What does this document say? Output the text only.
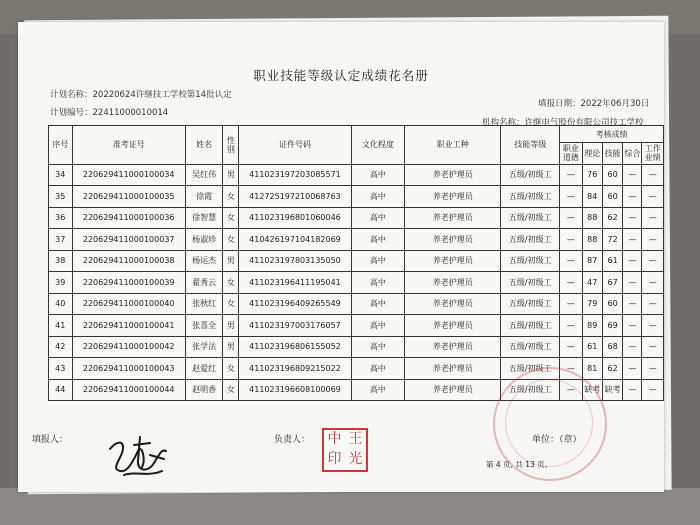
职业技能等级认定成绩花名册
计划名称：20220624许继技工学校第14批认定
填报日期：2022年06月30日
计划编号：22411000010014
机构名称：许继电气股份有限公司技工学校
序号	准考证号	姓名	性别	证件号码	文化程度	职业工种	技能等级	考核成绩				
								职业道德	理论	技能	综合	工作业绩
34	220629411000100034	吴红伟	男	411023197203085571	高中	养老护理员	五级/初级工	—	76	60	—	—
35	220629411000100035	徐霞	女	412725197210068763	高中	养老护理员	五级/初级工	—	84	60	—	—
36	220629411000100036	徐智慧	女	411023196801060046	高中	养老护理员	五级/初级工	—	88	62	—	—
37	220629411000100037	杨淑珍	女	410426197104182069	高中	养老护理员	五级/初级工	—	88	72	—	—
38	220629411000100038	杨运杰	男	411023197803135050	高中	养老护理员	五级/初级工	—	87	61	—	—
39	220629411000100039	翟秀云	女	411023196411195041	高中	养老护理员	五级/初级工	—	47	67	—	—
40	220629411000100040	张秋红	女	411023196409265549	高中	养老护理员	五级/初级工	—	79	60	—	—
41	220629411000100041	张喜全	男	411023197003176057	高中	养老护理员	五级/初级工	—	89	69	—	—
42	220629411000100042	张学法	男	411023196806155052	高中	养老护理员	五级/初级工	—	61	68	—	—
43	220629411000100043	赵爱红	女	411023196809215022	高中	养老护理员	五级/初级工	—	81	62	—	—
44	220629411000100044	赵明香	女	411023196608100069	高中	养老护理员	五级/初级工	—	缺考	缺考	—	—
填报人：	负责人：	单位：（章）
第 4 页, 共 13 页。
中 王
印 光
